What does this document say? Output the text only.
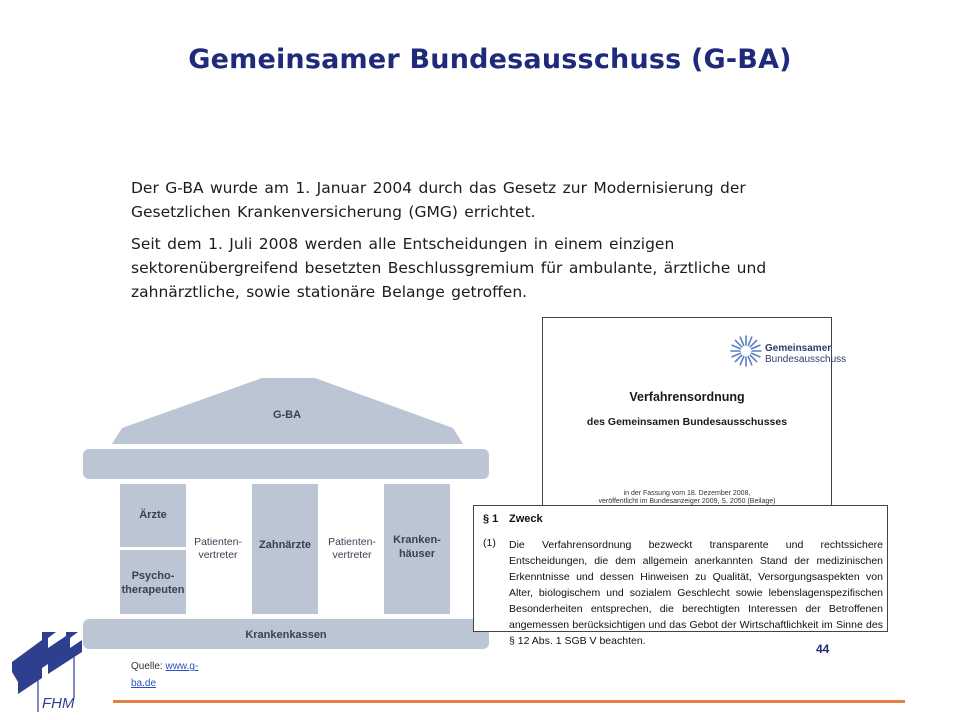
Gemeinsamer Bundesausschuss (G-BA)
Der G-BA wurde am 1. Januar 2004 durch das Gesetz zur Modernisierung der Gesetzlichen Krankenversicherung (GMG) errichtet.
Seit dem 1. Juli 2008 werden alle Entscheidungen in einem einzigen sektorenübergreifend besetzten Beschlussgremium für ambulante, ärztliche und zahnärztliche, sowie stationäre Belange getroffen.
G-BA
Ärzte
Psycho-
therapeuten
Patienten-
vertreter
Zahnärzte Patienten-
vertreter
Kranken-
häuser
Krankenkassen
Gemeinsamer
Bundesausschuss
Verfahrensordnung
des Gemeinsamen Bundesausschusses
in der Fassung vom 18. Dezember 2008,
veröffentlicht im Bundesanzeiger 2009, S. 2050 (Beilage)
§ 1 Zweck
(1) Die Verfahrensordnung bezweckt transparente und rechtssichere Entscheidungen, die dem allgemein anerkannten Stand der medizinischen Erkenntnisse und dessen Hinweisen zu Qualität, Versorgungsaspekten von Alter, biologischem und sozialem Geschlecht sowie lebenslagenspezifischen Besonderheiten entsprechen, die berechtigten Interessen der Betroffenen angemessen berücksichtigen und das Gebot der Wirtschaftlichkeit im Sinne des § 12 Abs. 1 SGB V beachten.
44
Quelle: www.g-
ba.de
FHM
